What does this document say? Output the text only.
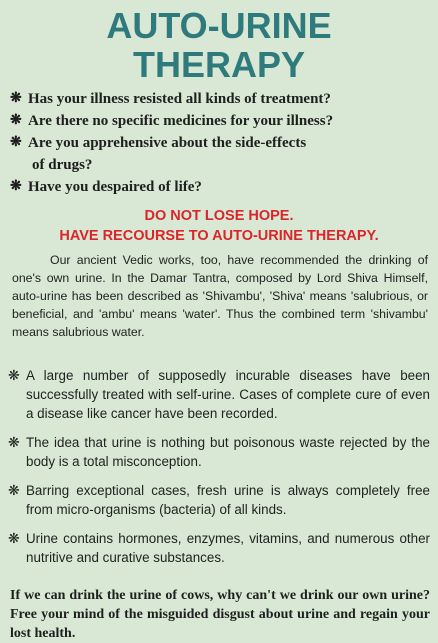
AUTO-URINE
THERAPY
❋ Has your illness resisted all kinds of treatment?
❋ Are there no specific medicines for your illness?
❋ Are you apprehensive about the side-effects
of drugs?
❋ Have you despaired of life?
DO NOT LOSE HOPE.
HAVE RECOURSE TO AUTO-URINE THERAPY.

Our ancient Vedic works, too, have recommended the drinking of one's own urine. In the Damar Tantra, composed by Lord Shiva Himself, auto-urine has been described as 'Shivambu', 'Shiva' means 'salubrious, or beneficial, and 'ambu' means 'water'. Thus the combined term 'shivambu' means salubrious water.

❋ A large number of supposedly incurable diseases have been successfully treated with self-urine. Cases of complete cure of even a disease like cancer have been recorded.
❋ The idea that urine is nothing but poisonous waste rejected by the body is a total misconception.
❋ Barring exceptional cases, fresh urine is always completely free from micro-organisms (bacteria) of all kinds.
❋ Urine contains hormones, enzymes, vitamins, and numerous other nutritive and curative substances.

If we can drink the urine of cows, why can't we drink our own urine? Free your mind of the misguided disgust about urine and regain your lost health.
